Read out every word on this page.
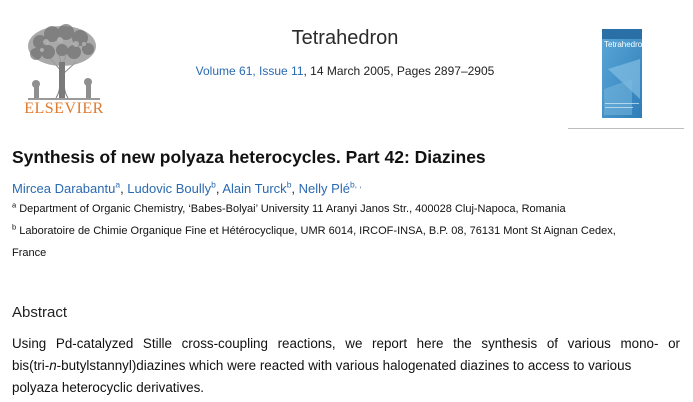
ELSEVIER
Tetrahedron
Volume 61, Issue 11, 14 March 2005, Pages 2897–2905
Tetrahedron
Synthesis of new polyaza heterocycles. Part 42: Diazines
Mircea Darabantu$^a$, Ludovic Boully$^b$, Alain Turck$^b$, Nelly Plé$^{b, ,}$
$^a$ Department of Organic Chemistry, ‘Babes-Bolyai’ University 11 Aranyi Janos Str., 400028 Cluj-Napoca, Romania
$^b$ Laboratoire de Chimie Organique Fine et Hétérocyclique, UMR 6014, IRCOF-INSA, B.P. 08, 76131 Mont St Aignan Cedex,
France
Abstract
Using Pd-catalyzed Stille cross-coupling reactions, we report here the synthesis of various mono- or
bis(tri-n-butylstannyl)diazines which were reacted with various halogenated diazines to access to various
polyaza heterocyclic derivatives.
